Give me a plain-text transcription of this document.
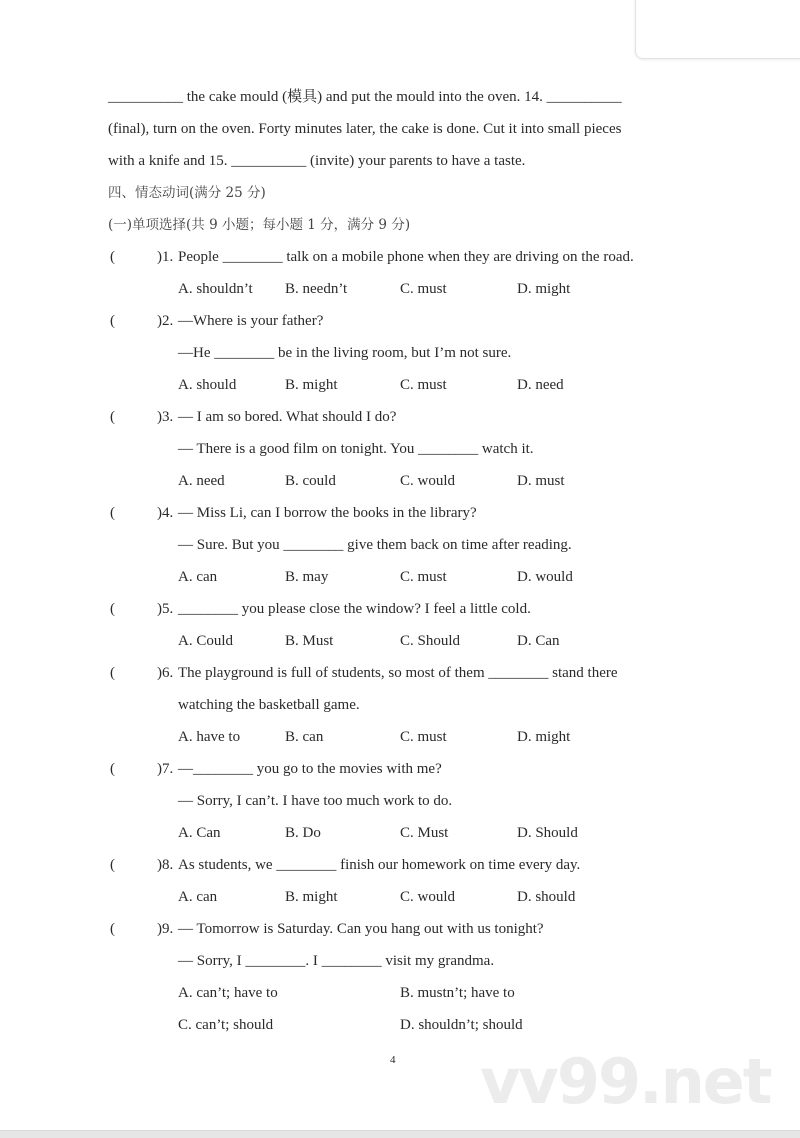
vv99.net
__________ the cake mould (模具) and put the mould into the oven. 14. __________
(final), turn on the oven. Forty minutes later, the cake is done. Cut it into small pieces
with a knife and 15. __________ (invite) your parents to have a taste.
四、情态动词(满分 25 分)
(一)单项选择(共 9 小题；每小题 1 分，满分 9 分)
(	)1. People ________ talk on a mobile phone when they are driving on the road.
A. shouldn’t B. needn’t	C. must	D. might
(	)2. —Where is your father?
—He ________ be in the living room, but I’m not sure.
A. should	B. might	C. must	D. need
(	)3. — I am so bored. What should I do?
— There is a good film on tonight. You ________ watch it.
A. need	B. could	C. would	D. must
(	)4. — Miss Li, can I borrow the books in the library?
— Sure. But you ________ give them back on time after reading.
A. can	B. may	C. must	D. would
(	)5. ________ you please close the window? I feel a little cold.
A. Could	B. Must	C. Should	D. Can
(	)6. The playground is full of students, so most of them ________ stand there
watching the basketball game.
A. have to	B. can	C. must	D. might
(	)7. —________ you go to the movies with me?
— Sorry, I can’t. I have too much work to do.
A. Can	B. Do	C. Must	D. Should
(	)8. As students, we ________ finish our homework on time every day.
A. can	B. might	C. would	D. should
(	)9. — Tomorrow is Saturday. Can you hang out with us tonight?
— Sorry, I ________. I ________ visit my grandma.
A. can’t; have to	B. mustn’t; have to
C. can’t; should	D. shouldn’t; should
4
